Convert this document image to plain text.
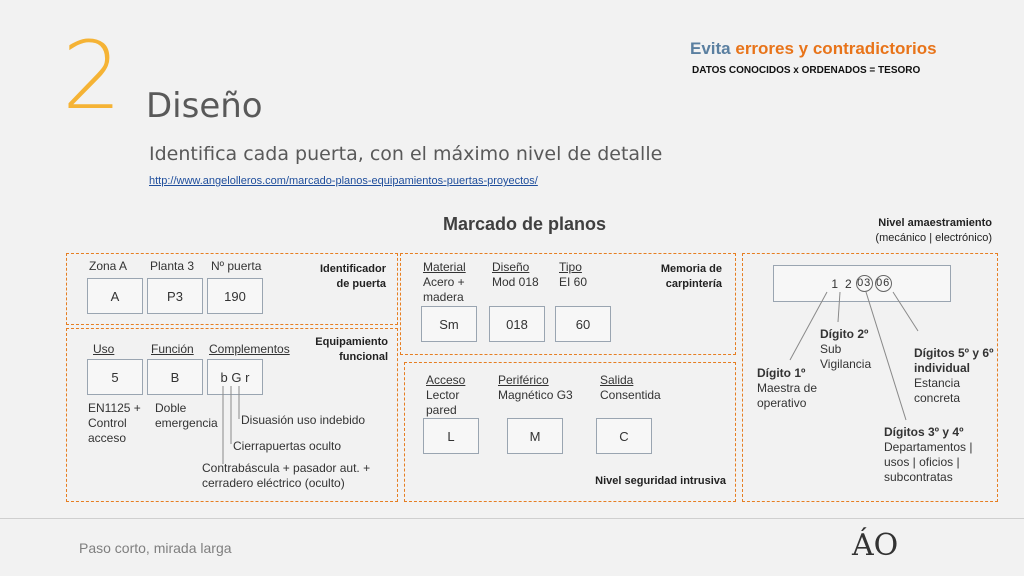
2 Diseño
Identifica cada puerta, con el máximo nivel de detalle
http://www.angelolleros.com/marcado-planos-equipamientos-puertas-proyectos/
Evita errores y contradictorios
DATOS CONOCIDOS x ORDENADOS = TESORO
Marcado de planos
Identificador
de puerta
Zona A Planta 3 Nº puerta
A	P3	190
Equipamiento
funcional
Uso	Función Complementos
5	B	b G r
EN1125 +
Control
acceso
Doble
emergencia Disuasión uso indebido
Cierrapuertas oculto
Contrabáscula + pasador aut. +
cerradero eléctrico (oculto)
Memoria de
carpintería
Material
Acero +
madera
Diseño
Mod 018
Tipo
EI 60
Sm	018	60
Acceso
Lector
pared
Periférico
Magnético G3
Salida
Consentida
L	M	C
Nivel seguridad intrusiva
Nivel amaestramiento
(mecánico | electrónico)
1 2 03 06
Dígito 1º
Maestra de
operativo
Dígito 2º
Sub
Vigilancia
Dígitos 5º y 6º
individual
Estancia
concreta
Dígitos 3º y 4º
Departamentos |
usos | oficios |
subcontratas
Paso corto, mirada larga	ÁO
